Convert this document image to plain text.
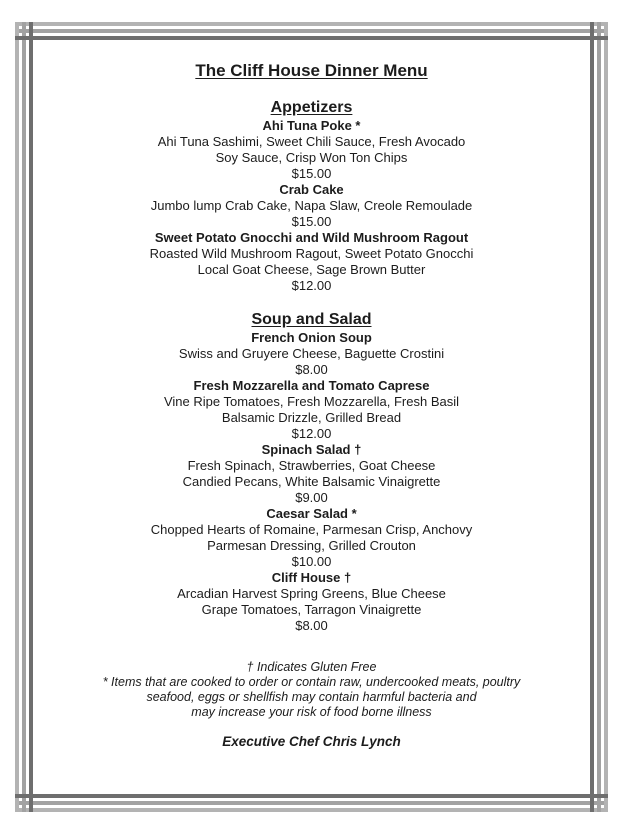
The Cliff House Dinner Menu
Appetizers
Ahi Tuna Poke *
Ahi Tuna Sashimi, Sweet Chili Sauce, Fresh Avocado
Soy Sauce, Crisp Won Ton Chips
$15.00
Crab Cake
Jumbo lump Crab Cake, Napa Slaw, Creole Remoulade
$15.00
Sweet Potato Gnocchi and Wild Mushroom Ragout
Roasted Wild Mushroom Ragout, Sweet Potato Gnocchi
Local Goat Cheese, Sage Brown Butter
$12.00
Soup and Salad
French Onion Soup
Swiss and Gruyere Cheese, Baguette Crostini
$8.00
Fresh Mozzarella and Tomato Caprese
Vine Ripe Tomatoes, Fresh Mozzarella, Fresh Basil
Balsamic Drizzle, Grilled Bread
$12.00
Spinach Salad †
Fresh Spinach, Strawberries, Goat Cheese
Candied Pecans, White Balsamic Vinaigrette
$9.00
Caesar Salad *
Chopped Hearts of Romaine, Parmesan Crisp, Anchovy
Parmesan Dressing, Grilled Crouton
$10.00
Cliff House †
Arcadian Harvest Spring Greens, Blue Cheese
Grape Tomatoes, Tarragon Vinaigrette
$8.00
† Indicates Gluten Free
* Items that are cooked to order or contain raw, undercooked meats, poultry
seafood, eggs or shellfish may contain harmful bacteria and
may increase your risk of food borne illness
Executive Chef Chris Lynch
